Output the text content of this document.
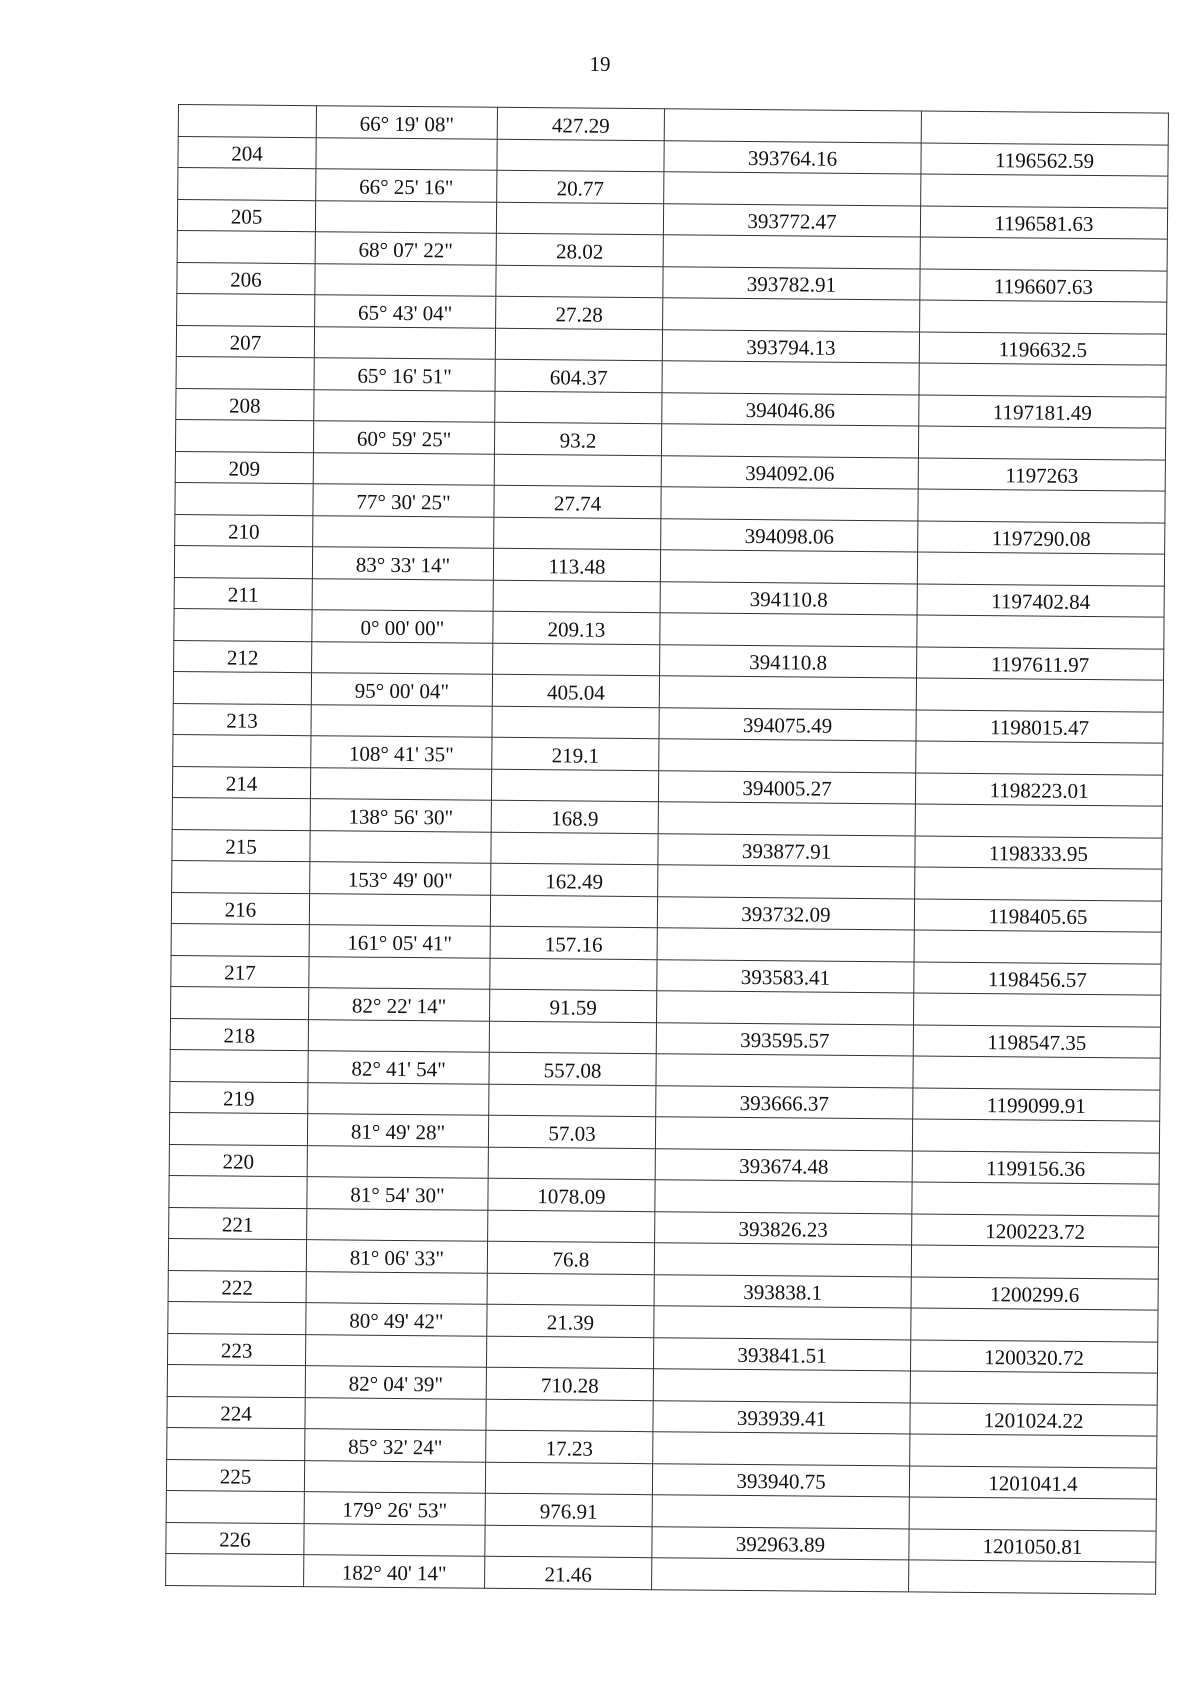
19
	66° 19' 08"	427.29		
204			393764.16	1196562.59
	66° 25' 16"	20.77		
205			393772.47	1196581.63
	68° 07' 22"	28.02		
206			393782.91	1196607.63
	65° 43' 04"	27.28		
207			393794.13	1196632.5
	65° 16' 51"	604.37		
208			394046.86	1197181.49
	60° 59' 25"	93.2		
209			394092.06	1197263
	77° 30' 25"	27.74		
210			394098.06	1197290.08
	83° 33' 14"	113.48		
211			394110.8	1197402.84
	0° 00' 00"	209.13		
212			394110.8	1197611.97
	95° 00' 04"	405.04		
213			394075.49	1198015.47
	108° 41' 35"	219.1		
214			394005.27	1198223.01
	138° 56' 30"	168.9		
215			393877.91	1198333.95
	153° 49' 00"	162.49		
216			393732.09	1198405.65
	161° 05' 41"	157.16		
217			393583.41	1198456.57
	82° 22' 14"	91.59		
218			393595.57	1198547.35
	82° 41' 54"	557.08		
219			393666.37	1199099.91
	81° 49' 28"	57.03		
220			393674.48	1199156.36
	81° 54' 30"	1078.09		
221			393826.23	1200223.72
	81° 06' 33"	76.8		
222			393838.1	1200299.6
	80° 49' 42"	21.39		
223			393841.51	1200320.72
	82° 04' 39"	710.28		
224			393939.41	1201024.22
	85° 32' 24"	17.23		
225			393940.75	1201041.4
	179° 26' 53"	976.91		
226			392963.89	1201050.81
	182° 40' 14"	21.46		
